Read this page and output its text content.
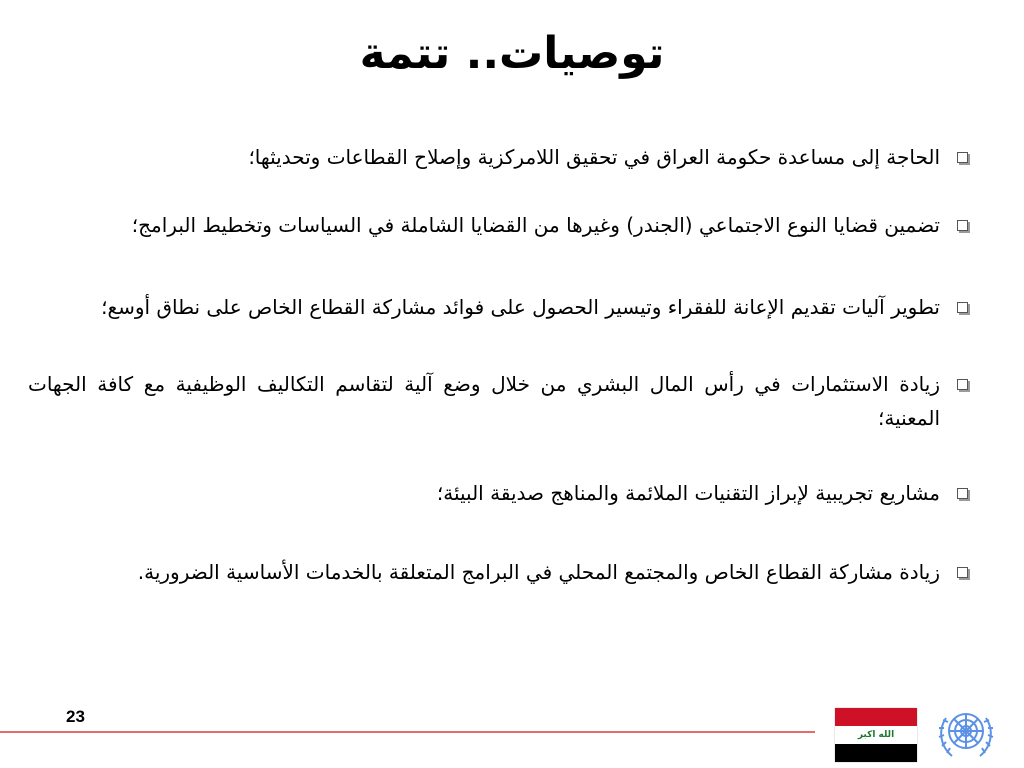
توصيات.. تتمة
الحاجة إلى مساعدة حكومة العراق في تحقيق اللامركزية وإصلاح القطاعات وتحديثها؛
تضمين قضايا النوع الاجتماعي (الجندر) وغيرها من القضايا الشاملة في السياسات وتخطيط البرامج؛
تطوير آليات تقديم الإعانة للفقراء وتيسير الحصول على فوائد مشاركة القطاع الخاص على نطاق أوسع؛
زيادة الاستثمارات في رأس المال البشري من خلال وضع آلية لتقاسم التكاليف الوظيفية مع كافة الجهات المعنية؛
مشاريع تجريبية لإبراز التقنيات الملائمة والمناهج صديقة البيئة؛
زيادة مشاركة القطاع الخاص والمجتمع المحلي في البرامج المتعلقة بالخدمات الأساسية الضرورية.
23
الله اكبر
